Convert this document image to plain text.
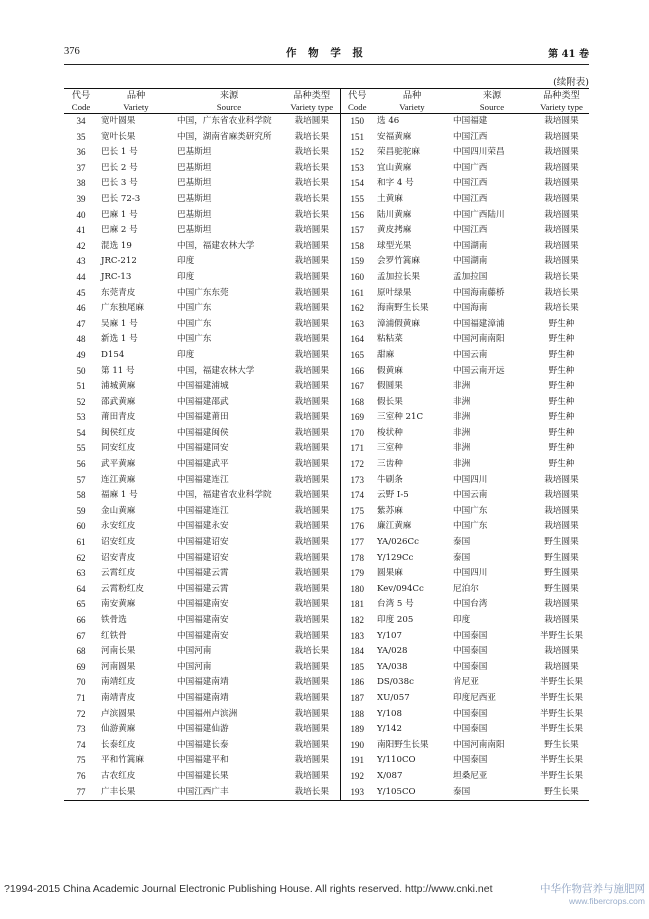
376	作 物 学 报	第 41 卷
(续附表)
代号	品种	来源	品种类型	代号	品种	来源	品种类型
Code	Variety	Source	Variety type	Code	Variety	Source	Variety type
34	宽叶圆果	中国，广东省农业科学院	栽培圆果	150	选 46	中国福建	栽培圆果
35	宽叶长果	中国，湖南省麻类研究所	栽培长果	151	安福黄麻	中国江西	栽培圆果
36	巴长 1 号	巴基斯坦	栽培长果	152	荣昌驼驼麻	中国四川荣昌	栽培圆果
37	巴长 2 号	巴基斯坦	栽培长果	153	宜山黄麻	中国广西	栽培圆果
38	巴长 3 号	巴基斯坦	栽培长果	154	和字 4 号	中国江西	栽培圆果
39	巴长 72-3	巴基斯坦	栽培长果	155	土黄麻	中国江西	栽培圆果
40	巴麻 1 号	巴基斯坦	栽培长果	156	陆川黄麻	中国广西陆川	栽培圆果
41	巴麻 2 号	巴基斯坦	栽培圆果	157	黄皮拷麻	中国江西	栽培圆果
42	混选 19	中国，福建农林大学	栽培圆果	158	球型光果	中国湖南	栽培圆果
43	JRC-212	印度	栽培圆果	159	会罗竹篙麻	中国湖南	栽培圆果
44	JRC-13	印度	栽培圆果	160	孟加拉长果	孟加拉国	栽培长果
45	东莞青皮	中国广东东莞	栽培圆果	161	原叶绿果	中国海南藤桥	栽培长果
46	广东独尾麻	中国广东	栽培圆果	162	海南野生长果	中国海南	栽培长果
47	吴麻 1 号	中国广东	栽培圆果	163	漳浦假黄麻	中国福建漳浦	野生种
48	新选 1 号	中国广东	栽培圆果	164	粘粘菜	中国河南南阳	野生种
49	D154	印度	栽培圆果	165	甜麻	中国云南	野生种
50	第 11 号	中国，福建农林大学	栽培圆果	166	假黄麻	中国云南开远	野生种
51	浦城黄麻	中国福建浦城	栽培圆果	167	假圆果	非洲	野生种
52	邵武黄麻	中国福建邵武	栽培圆果	168	假长果	非洲	野生种
53	莆田青皮	中国福建莆田	栽培圆果	169	三室种 21C	非洲	野生种
54	闽侯红皮	中国福建闽侯	栽培圆果	170	梭状种	非洲	野生种
55	同安红皮	中国福建同安	栽培圆果	171	三室种	非洲	野生种
56	武平黄麻	中国福建武平	栽培圆果	172	三齿种	非洲	野生种
57	连江黄麻	中国福建连江	栽培圆果	173	牛刷条	中国四川	栽培圆果
58	福麻 1 号	中国，福建省农业科学院	栽培圆果	174	云野 I-5	中国云南	栽培圆果
59	金山黄麻	中国福建连江	栽培圆果	175	紫苏麻	中国广东	栽培圆果
60	永安红皮	中国福建永安	栽培圆果	176	廉江黄麻	中国广东	栽培圆果
61	诏安红皮	中国福建诏安	栽培圆果	177	YA/026Cc	泰国	野生圆果
62	诏安青皮	中国福建诏安	栽培圆果	178	Y/129Cc	泰国	野生圆果
63	云霄红皮	中国福建云霄	栽培圆果	179	圆果麻	中国四川	野生圆果
64	云霄粉红皮	中国福建云霄	栽培圆果	180	Kev/094Cc	尼泊尔	野生圆果
65	南安黄麻	中国福建南安	栽培圆果	181	台湾 5 号	中国台湾	栽培圆果
66	铁骨选	中国福建南安	栽培圆果	182	印度 205	印度	栽培圆果
67	红铁骨	中国福建南安	栽培圆果	183	Y/107	中国泰国	半野生长果
68	河南长果	中国河南	栽培长果	184	YA/028	中国泰国	栽培圆果
69	河南圆果	中国河南	栽培圆果	185	YA/038	中国泰国	栽培圆果
70	南靖红皮	中国福建南靖	栽培圆果	186	DS/038c	肯尼亚	半野生长果
71	南靖青皮	中国福建南靖	栽培圆果	187	XU/057	印度尼西亚	半野生长果
72	卢滨圆果	中国福州卢滨洲	栽培圆果	188	Y/108	中国泰国	半野生长果
73	仙游黄麻	中国福建仙游	栽培圆果	189	Y/142	中国泰国	半野生长果
74	长泰红皮	中国福建长泰	栽培圆果	190	南阳野生长果	中国河南南阳	野生长果
75	平和竹篙麻	中国福建平和	栽培圆果	191	Y/110CO	中国泰国	半野生长果
76	古农红皮	中国福建长果	栽培圆果	192	X/087	坦桑尼亚	半野生长果
77	广丰长果	中国江西广丰	栽培长果	193	Y/105CO	泰国	野生长果
?1994-2015 China Academic Journal Electronic Publishing House. All rights reserved. http://www.cnki.net	中华作物营养与施肥网
www.fibercrops.com
